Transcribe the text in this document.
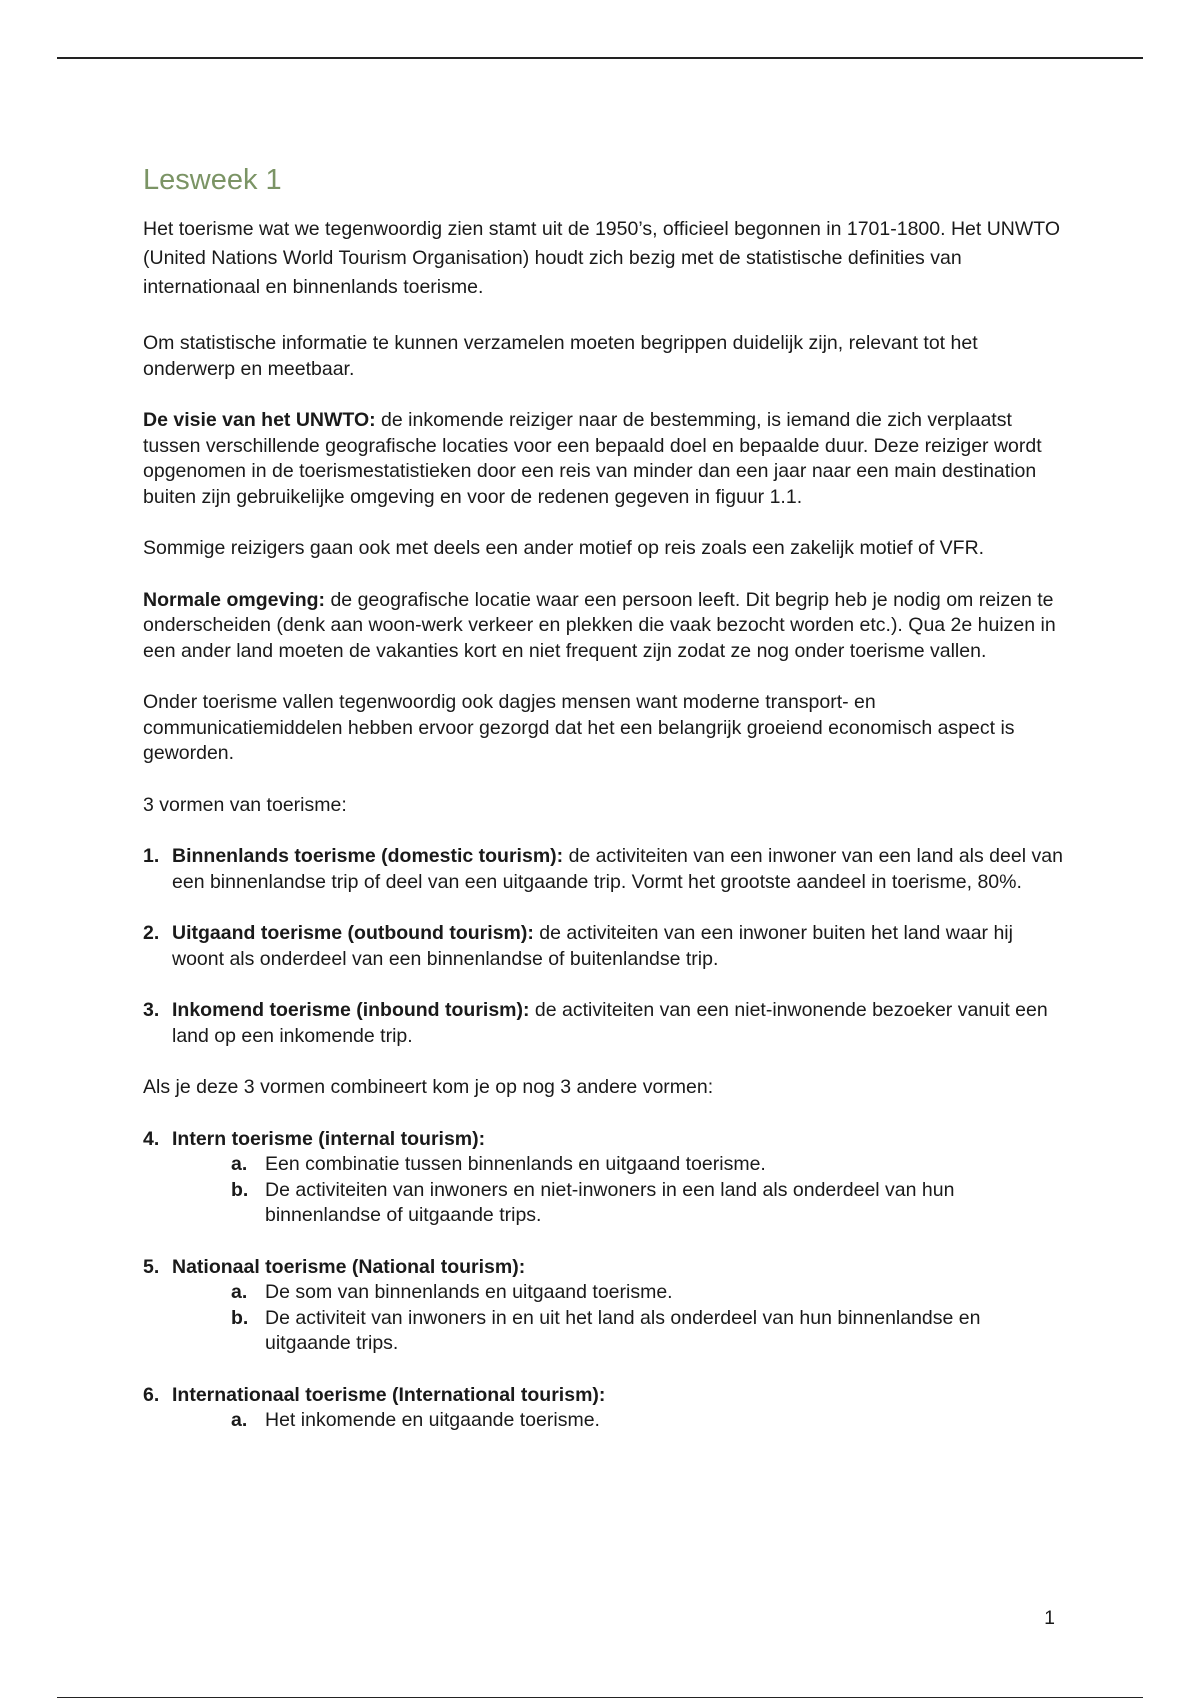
Lesweek 1

Het toerisme wat we tegenwoordig zien stamt uit de 1950’s, officieel begonnen in 1701-1800. Het UNWTO (United Nations World Tourism Organisation) houdt zich bezig met de statistische definities van internationaal en binnenlands toerisme.

Om statistische informatie te kunnen verzamelen moeten begrippen duidelijk zijn, relevant tot het onderwerp en meetbaar.

De visie van het UNWTO: de inkomende reiziger naar de bestemming, is iemand die zich verplaatst tussen verschillende geografische locaties voor een bepaald doel en bepaalde duur. Deze reiziger wordt opgenomen in de toerismestatistieken door een reis van minder dan een jaar naar een main destination buiten zijn gebruikelijke omgeving en voor de redenen gegeven in figuur 1.1.

Sommige reizigers gaan ook met deels een ander motief op reis zoals een zakelijk motief of VFR.

Normale omgeving: de geografische locatie waar een persoon leeft. Dit begrip heb je nodig om reizen te onderscheiden (denk aan woon-werk verkeer en plekken die vaak bezocht worden etc.). Qua 2e huizen in een ander land moeten de vakanties kort en niet frequent zijn zodat ze nog onder toerisme vallen.

Onder toerisme vallen tegenwoordig ook dagjes mensen want moderne transport- en communicatiemiddelen hebben ervoor gezorgd dat het een belangrijk groeiend economisch aspect is geworden.

3 vormen van toerisme:

1. Binnenlands toerisme (domestic tourism): de activiteiten van een inwoner van een land als deel van een binnenlandse trip of deel van een uitgaande trip. Vormt het grootste aandeel in toerisme, 80%.
2. Uitgaand toerisme (outbound tourism): de activiteiten van een inwoner buiten het land waar hij woont als onderdeel van een binnenlandse of buitenlandse trip.
3. Inkomend toerisme (inbound tourism): de activiteiten van een niet-inwonende bezoeker vanuit een land op een inkomende trip.

Als je deze 3 vormen combineert kom je op nog 3 andere vormen:

4. Intern toerisme (internal tourism):
a. Een combinatie tussen binnenlands en uitgaand toerisme.
b. De activiteiten van inwoners en niet-inwoners in een land als onderdeel van hun binnenlandse of uitgaande trips.
5. Nationaal toerisme (National tourism):
a. De som van binnenlands en uitgaand toerisme.
b. De activiteit van inwoners in en uit het land als onderdeel van hun binnenlandse en uitgaande trips.
6. Internationaal toerisme (International tourism):
a. Het inkomende en uitgaande toerisme.
1
